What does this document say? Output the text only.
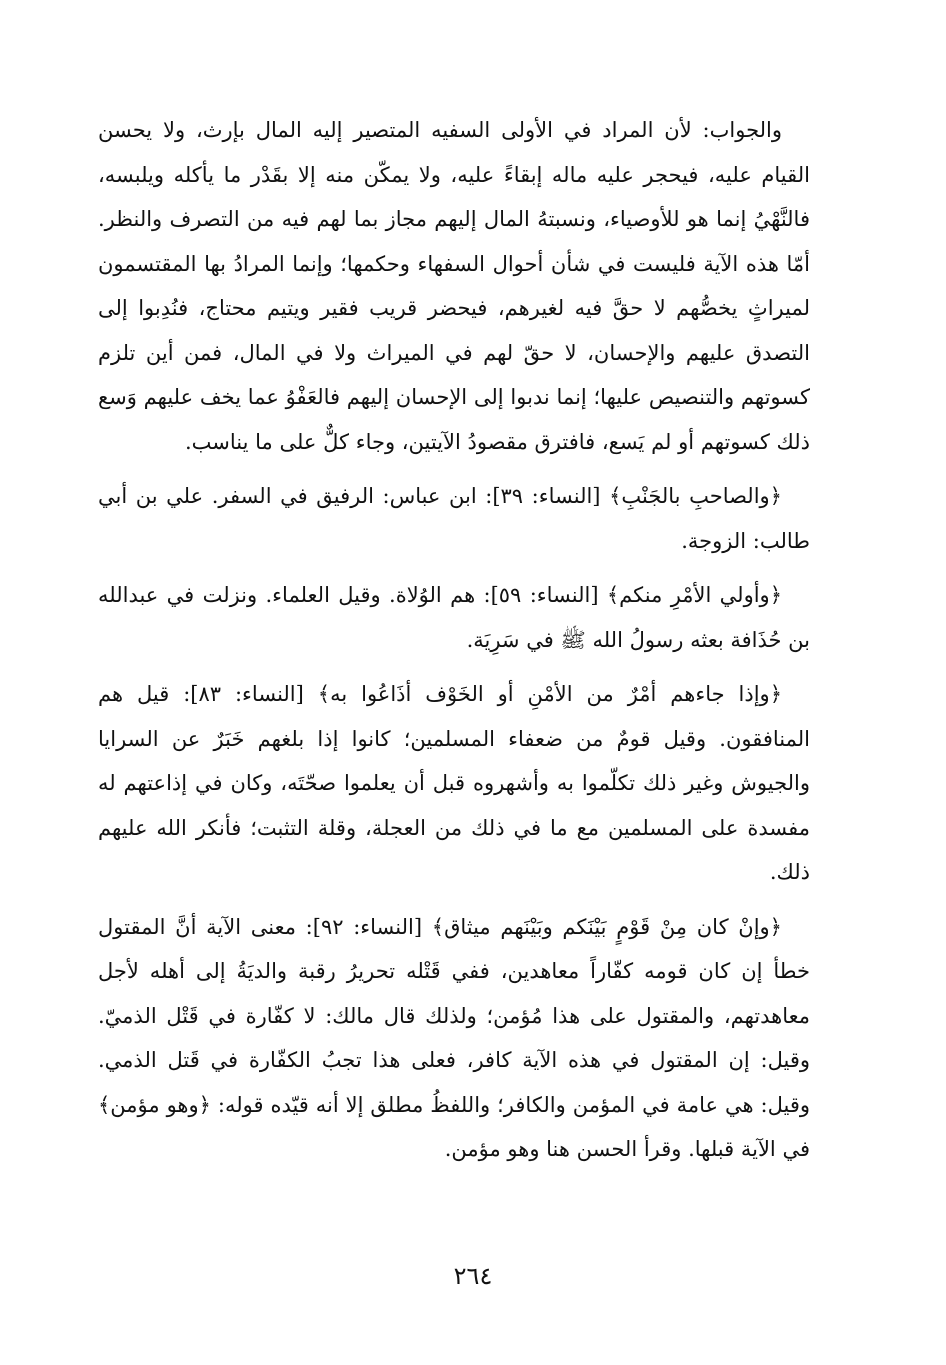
والجواب: لأن المراد في الأولى السفيه المتصير إليه المال بإرث، ولا يحسن القيام عليه، فيحجر عليه ماله إبقاءً عليه، ولا يمكّن منه إلا بقَدْر ما يأكله ويلبسه، فالنَّهْيُ إنما هو للأوصياء، ونسبتهُ المال إليهم مجاز بما لهم فيه من التصرف والنظر. أمّا هذه الآية فليست في شأن أحوال السفهاء وحكمها؛ وإنما المرادُ بها المقتسمون لميراثٍ يخصُّهم لا حقَّ فيه لغيرهم، فيحضر قريب فقير ويتيم محتاج، فنُدِبوا إلى التصدق عليهم والإحسان، لا حقّ لهم في الميراث ولا في المال، فمن أين تلزم كسوتهم والتنصيص عليها؛ إنما ندبوا إلى الإحسان إليهم فالعَفْوُ عما يخف عليهم وَسع ذلك كسوتهم أو لم يَسع، فافترق مقصودُ الآيتين، وجاء كلٌّ على ما يناسب.

﴿والصاحبِ بالجَنْبِ﴾ [النساء: ٣٩]: ابن عباس: الرفيق في السفر. علي بن أبي طالب: الزوجة.

﴿وأولي الأمْرِ منكم﴾ [النساء: ٥٩]: هم الوُلاة. وقيل العلماء. ونزلت في عبدالله بن حُذَافة بعثه رسولُ الله ﷺ في سَرِيَة.

﴿وإذا جاءهم أمْرٌ من الأمْنِ أو الخَوْف أذَاعُوا به﴾ [النساء: ٨٣]: قيل هم المنافقون. وقيل قومٌ من ضعفاء المسلمين؛ كانوا إذا بلغهم خَبَرٌ عن السرايا والجيوش وغير ذلك تكلّموا به وأشهروه قبل أن يعلموا صحّتَه، وكان في إذاعتهم له مفسدة على المسلمين مع ما في ذلك من العجلة، وقلة التثبت؛ فأنكر الله عليهم ذلك.

﴿وإنْ كان مِنْ قَوْمٍ بَيْنَكم وبَيْنَهم ميثاق﴾ [النساء: ٩٢]: معنى الآية أنَّ المقتول خطأ إن كان قومه كفّاراً معاهدين، ففي قَتْله تحريرُ رقبة والديَةُ إلى أهله لأجل معاهدتهم، والمقتول على هذا مُؤمن؛ ولذلك قال مالك: لا كفّارة في قَتْل الذميّ. وقيل: إن المقتول في هذه الآية كافر، فعلى هذا تجبُ الكفّارة في قَتل الذمي. وقيل: هي عامة في المؤمن والكافر؛ واللفظُ مطلق إلا أنه قيّده قوله: ﴿وهو مؤمن﴾ في الآية قبلها. وقرأ الحسن هنا وهو مؤمن.

٢٦٤
